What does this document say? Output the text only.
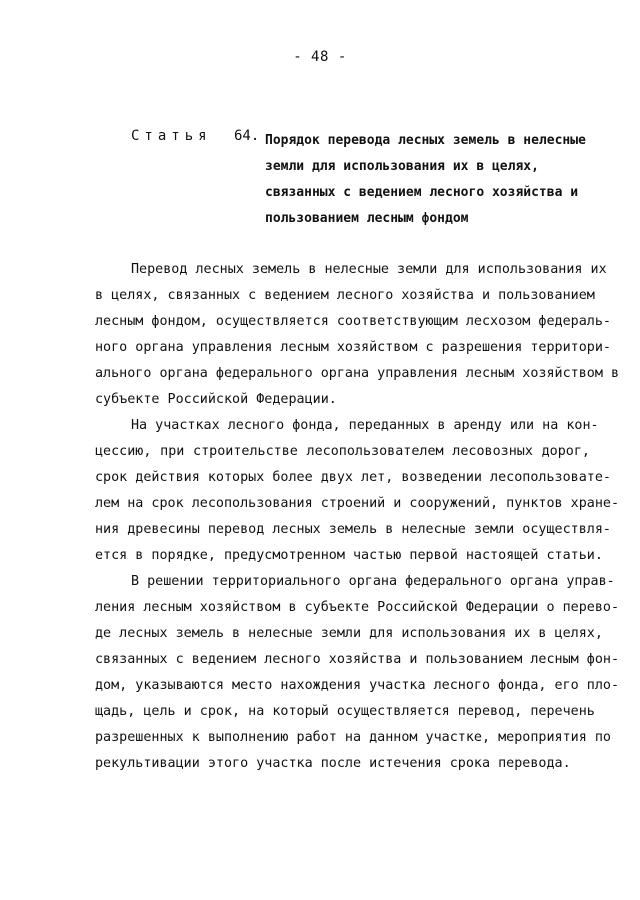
- 48 -
Статья 64. Порядок перевода лесных земель в нелесные
земли для использования их в целях,
связанных с ведением лесного хозяйства и
пользованием лесным фондом
Перевод лесных земель в нелесные земли для использования их
в целях, связанных с ведением лесного хозяйства и пользованием
лесным фондом, осуществляется соответствующим лесхозом федераль-
ного органа управления лесным хозяйством с разрешения территори-
ального органа федерального органа управления лесным хозяйством в
субъекте Российской Федерации.
На участках лесного фонда, переданных в аренду или на кон-
цессию, при строительстве лесопользователем лесовозных дорог,
срок действия которых более двух лет, возведении лесопользовате-
лем на срок лесопользования строений и сооружений, пунктов хране-
ния древесины перевод лесных земель в нелесные земли осуществля-
ется в порядке, предусмотренном частью первой настоящей статьи.
В решении территориального органа федерального органа управ-
ления лесным хозяйством в субъекте Российской Федерации о перево-
де лесных земель в нелесные земли для использования их в целях,
связанных с ведением лесного хозяйства и пользованием лесным фон-
дом, указываются место нахождения участка лесного фонда, его пло-
щадь, цель и срок, на который осуществляется перевод, перечень
разрешенных к выполнению работ на данном участке, мероприятия по
рекультивации этого участка после истечения срока перевода.
